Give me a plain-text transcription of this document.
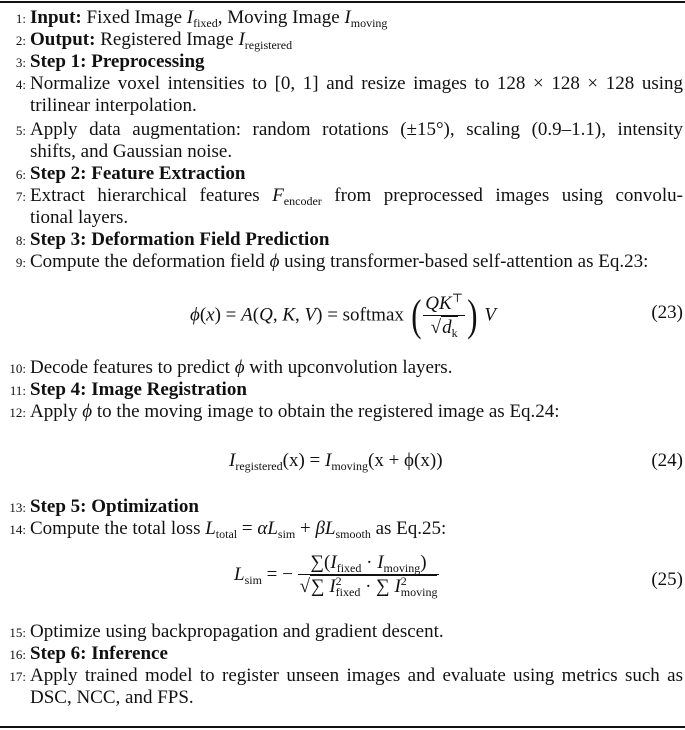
1: Input: Fixed Image $I_{fixed}$, Moving Image $I_{moving}$
2: Output: Registered Image $I_{registered}$
3: Step 1: Preprocessing
4: Normalize voxel intensities to [0, 1] and resize images to 128 × 128 × 128 using
trilinear interpolation.
5: Apply data augmentation: random rotations (±15°), scaling (0.9–1.1), intensity
shifts, and Gaussian noise.
6: Step 2: Feature Extraction
7: Extract hierarchical features $F_{encoder}$ from preprocessed images using convolu-
tional layers.
8: Step 3: Deformation Field Prediction
9: Compute the deformation field ϕ using transformer-based self-attention as Eq.23:
ϕ(x) = A(Q, K, V) = softmax ( $\frac{QK^⊤}{√d_k}$ ) V	(23)
10: Decode features to predict ϕ with upconvolution layers.
11: Step 4: Image Registration
12: Apply ϕ to the moving image to obtain the registered image as Eq.24:
$I_{registered}(x) = I_{moving}(x + \phi(x))$	(24)
13: Step 5: Optimization
14: Compute the total loss $L_{total} = \alpha L_{sim} + \beta L_{smooth}$ as Eq.25:
$L_{sim}$ = − $\frac{\sum(I_{fixed} \cdot I_{moving})}{√\sum I^2_{fixed} \cdot \sum I^2_{moving}}$	(25)
15: Optimize using backpropagation and gradient descent.
16: Step 6: Inference
17: Apply trained model to register unseen images and evaluate using metrics such as
DSC, NCC, and FPS.
